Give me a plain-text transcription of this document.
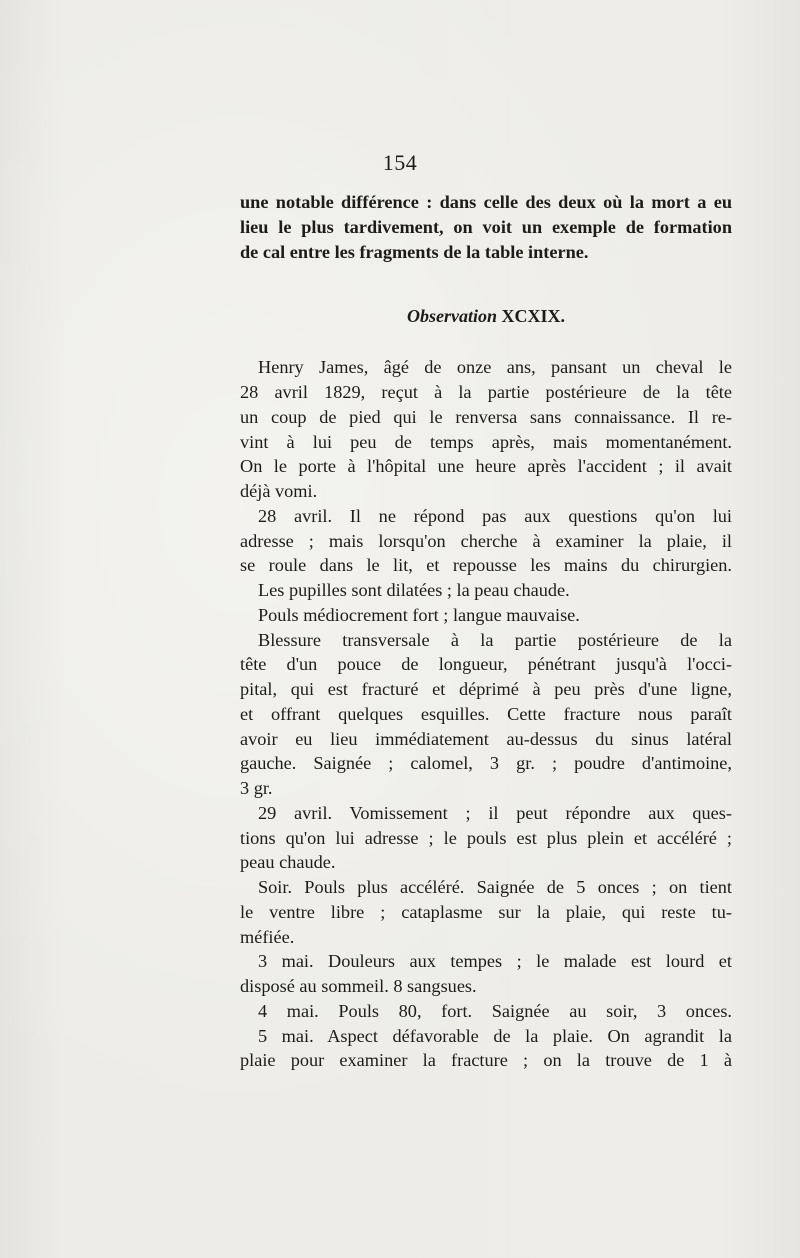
154
une notable différence : dans celle des deux où la mort a eu
lieu le plus tardivement, on voit un exemple de formation
de cal entre les fragments de la table interne.
Observation XCXIX.
Henry James, âgé de onze ans, pansant un cheval le
28 avril 1829, reçut à la partie postérieure de la tête
un coup de pied qui le renversa sans connaissance. Il re-
vint à lui peu de temps après, mais momentanément.
On le porte à l'hôpital une heure après l'accident ; il avait
déjà vomi.
28 avril. Il ne répond pas aux questions qu'on lui
adresse ; mais lorsqu'on cherche à examiner la plaie, il
se roule dans le lit, et repousse les mains du chirurgien.
Les pupilles sont dilatées ; la peau chaude.
Pouls médiocrement fort ; langue mauvaise.
Blessure transversale à la partie postérieure de la
tête d'un pouce de longueur, pénétrant jusqu'à l'occi-
pital, qui est fracturé et déprimé à peu près d'une ligne,
et offrant quelques esquilles. Cette fracture nous paraît
avoir eu lieu immédiatement au-dessus du sinus latéral
gauche. Saignée ; calomel, 3 gr. ; poudre d'antimoine,
3 gr.
29 avril. Vomissement ; il peut répondre aux ques-
tions qu'on lui adresse ; le pouls est plus plein et accéléré ;
peau chaude.
Soir. Pouls plus accéléré. Saignée de 5 onces ; on tient
le ventre libre ; cataplasme sur la plaie, qui reste tu-
méfiée.
3 mai. Douleurs aux tempes ; le malade est lourd et
disposé au sommeil. 8 sangsues.
4 mai. Pouls 80, fort. Saignée au soir, 3 onces.
5 mai. Aspect défavorable de la plaie. On agrandit la
plaie pour examiner la fracture ; on la trouve de 1 à
